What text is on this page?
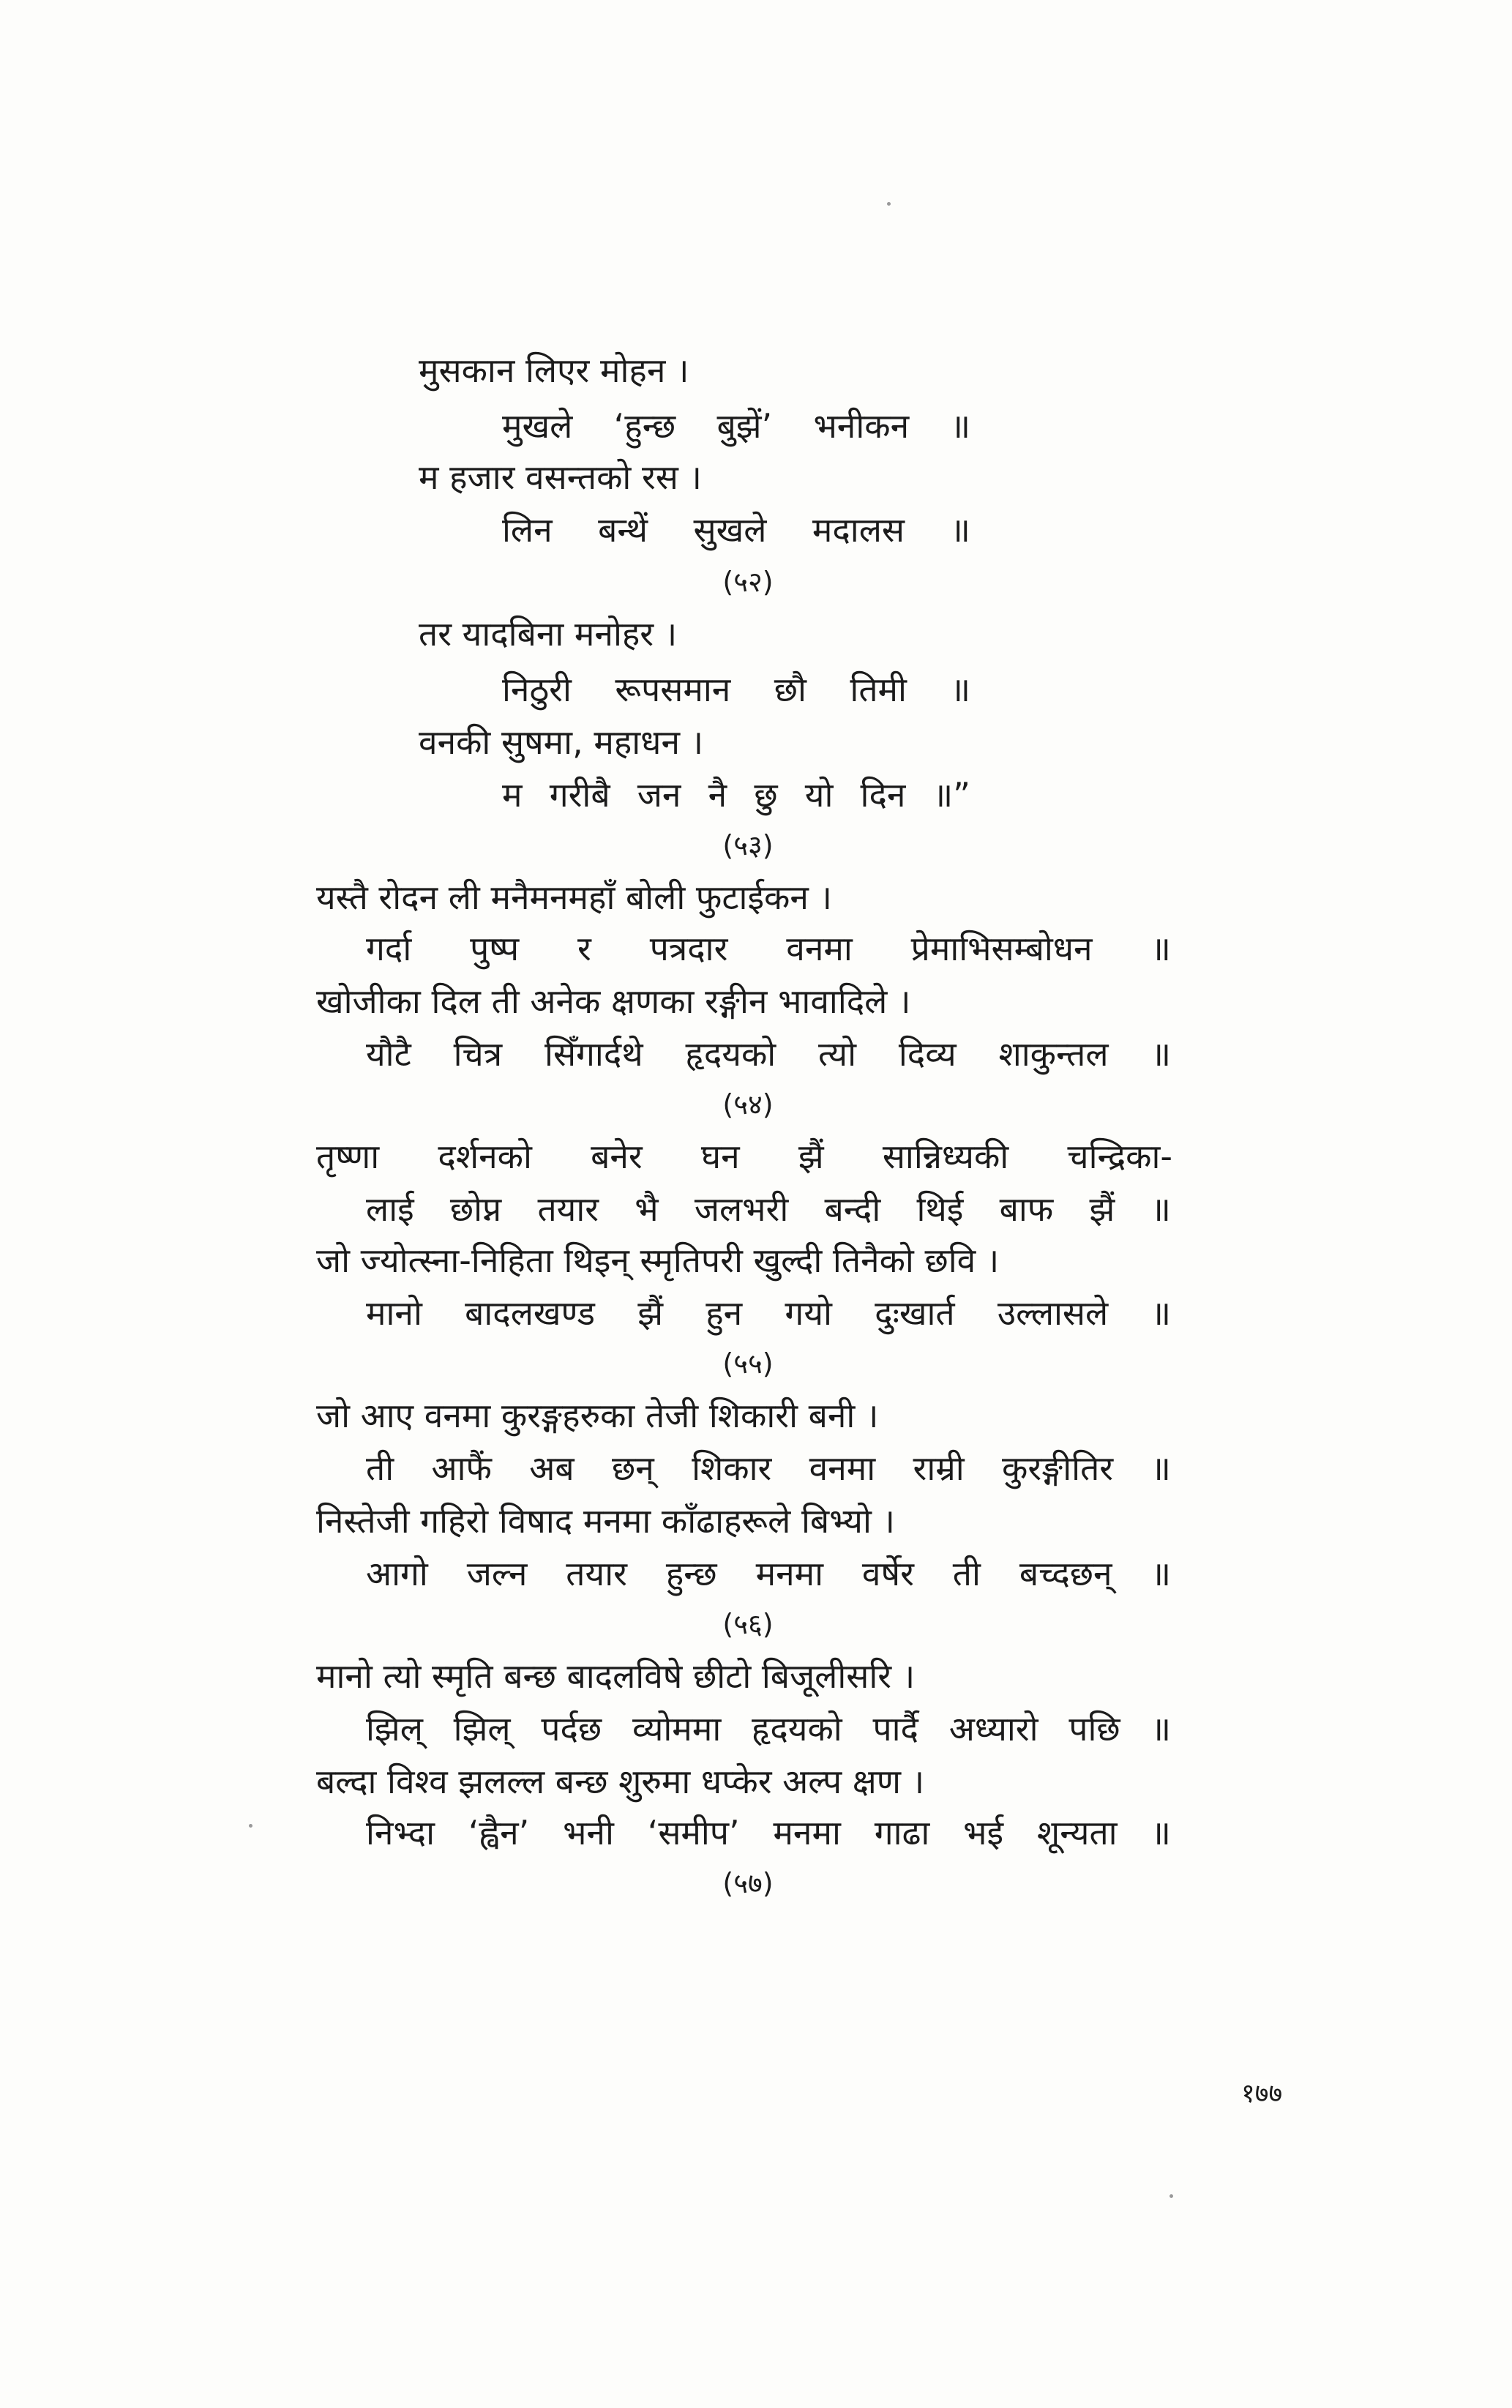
मुसकान लिएर मोहन ।
मुखले ‘हुन्छ बुझें’ भनीकन ॥
म हजार वसन्तको रस ।
लिन बन्थें सुखले मदालस ॥
(५२)
तर यादबिना मनोहर ।
निठुरी रूपसमान छौ तिमी ॥
वनकी सुषमा, महाधन ।
म गरीबै जन नै छु यो दिन ॥”
(५३)
यस्तै रोदन ली मनैमनमहाँ बोली फुटाईकन ।
गर्दा पुष्प र पत्रदार वनमा प्रेमाभिसम्बोधन ॥
खोजीका दिल ती अनेक क्षणका रङ्गीन भावादिले ।
यौटै चित्र सिँगार्दथे हृदयको त्यो दिव्य शाकुन्तल ॥
(५४)
तृष्णा दर्शनको बनेर घन झैं सान्निध्यकी चन्द्रिका-
लाई छोप्न तयार भै जलभरी बन्दी थिई बाफ झैं ॥
जो ज्योत्स्ना-निहिता थिइन् स्मृतिपरी खुल्दी तिनैको छवि ।
मानो बादलखण्ड झैं हुन गयो दुःखार्त उल्लासले ॥
(५५)
जो आए वनमा कुरङ्गहरुका तेजी शिकारी बनी ।
ती आफैं अब छन् शिकार वनमा राम्री कुरङ्गीतिर ॥
निस्तेजी गहिरो विषाद मनमा काँढाहरूले बिभ्यो ।
आगो जल्न तयार हुन्छ मनमा वर्षेर ती बच्दछन् ॥
(५६)
मानो त्यो स्मृति बन्छ बादलविषे छीटो बिजूलीसरि ।
झिल् झिल् पर्दछ व्योममा हृदयको पार्दै अध्यारो पछि ॥
बल्दा विश्व झलल्ल बन्छ शुरुमा धप्केर अल्प क्षण ।
निभ्दा ‘ह्वैन’ भनी ‘समीप’ मनमा गाढा भई शून्यता ॥
(५७)
१७७
